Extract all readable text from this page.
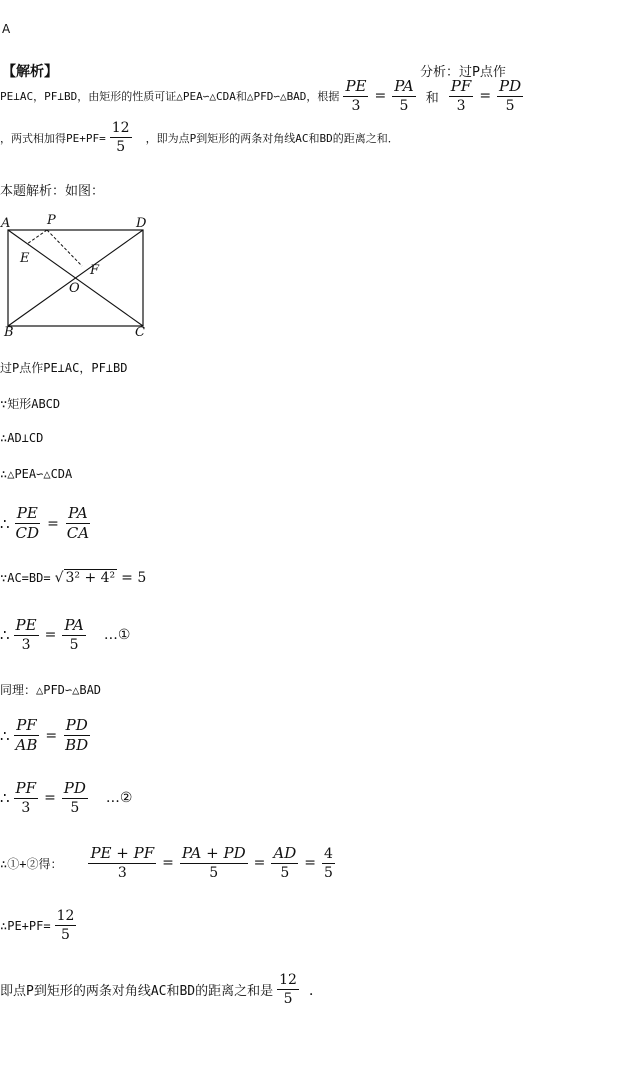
A
【解析】	分析：过P点作
PE⊥AC，PF⊥BD，由矩形的性质可证△PEA∽△CDA和△PFD∽△BAD，根据 $\frac{PE}{3} = \frac{PA}{5}$ 和 $\frac{PF}{3} = \frac{PD}{5}$
，两式相加得$PE+PF= \frac{12}{5}$	，即为点P到矩形的两条对角线AC和BD的距离之和．
本题解析：如图：
A	P	D
E
F
O
B	C
过P点作PE⊥AC，PF⊥BD
∵矩形ABCD
∴AD⊥CD
∴△PEA∽△CDA
∴ $\frac{PE}{CD} = \frac{PA}{CA}$
∵AC=BD= √ 3² + 4² = 5
∴ $\frac{PE}{3} = \frac{PA}{5}$	…①
同理：△PFD∽△BAD
∴ $\frac{PF}{AB} = \frac{PD}{BD}$
∴ $\frac{PF}{3} = \frac{PD}{5}$	…②
∴①+②得：	$\frac{PE + PF}{3} = \frac{PA + PD}{5} = \frac{AD}{5} = \frac{4}{5}$
∴PE+PF= $\frac{12}{5}$
即点P到矩形的两条对角线AC和BD的距离之和是 $\frac{12}{5}$ ．
